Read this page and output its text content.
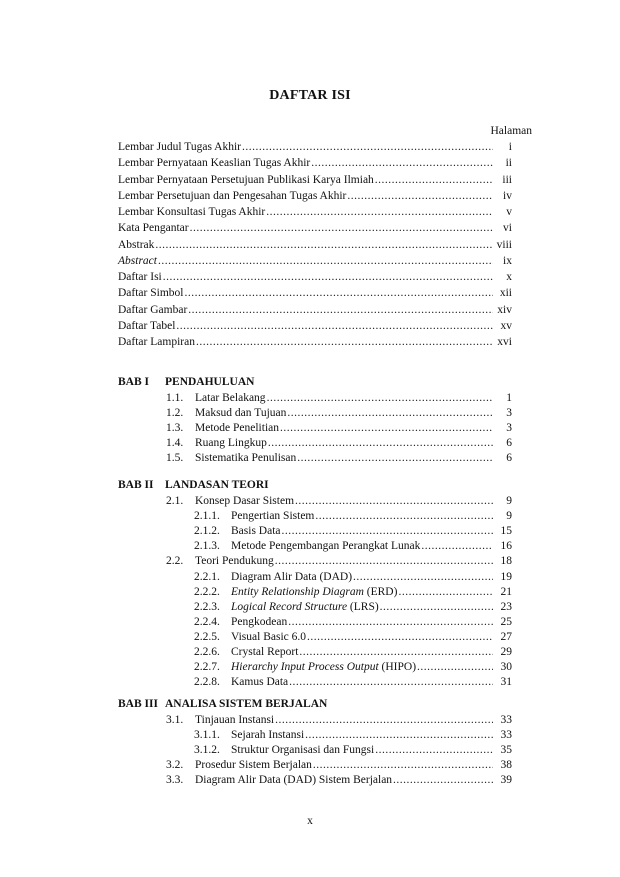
DAFTAR ISI
Halaman
Lembar Judul Tugas Akhir .....	i
Lembar Pernyataan Keaslian Tugas Akhir .....	ii
Lembar Pernyataan Persetujuan Publikasi Karya Ilmiah .....	iii
Lembar Persetujuan dan Pengesahan Tugas Akhir .....	iv
Lembar Konsultasi Tugas Akhir .....	v
Kata Pengantar .....	vi
Abstrak .....	viii
Abstract .....	ix
Daftar Isi .....	x
Daftar Simbol .....	xii
Daftar Gambar .....	xiv
Daftar Tabel .....	xv
Daftar Lampiran .....	xvi
BAB I PENDAHULUAN
1.1.	Latar Belakang .....	1
1.2.	Maksud dan Tujuan .....	3
1.3.	Metode Penelitian .....	3
1.4.	Ruang Lingkup .....	6
1.5.	Sistematika Penulisan .....	6
BAB II LANDASAN TEORI
2.1.	Konsep Dasar Sistem .....	9
2.1.1. Pengertian Sistem .....	9
2.1.2. Basis Data .....	15
2.1.3. Metode Pengembangan Perangkat Lunak .....	16
2.2.	Teori Pendukung .....	18
2.2.1. Diagram Alir Data (DAD) .....	19
2.2.2. Entity Relationship Diagram (ERD) .....	21
2.2.3. Logical Record Structure (LRS) .....	23
2.2.4. Pengkodean .....	25
2.2.5. Visual Basic 6.0 .....	27
2.2.6. Crystal Report .....	29
2.2.7. Hierarchy Input Process Output (HIPO) .....	30
2.2.8. Kamus Data .....	31
BAB III ANALISA SISTEM BERJALAN
3.1.	Tinjauan Instansi .....	33
3.1.1. Sejarah Instansi .....	33
3.1.2. Struktur Organisasi dan Fungsi .....	35
3.2.	Prosedur Sistem Berjalan .....	38
3.3.	Diagram Alir Data (DAD) Sistem Berjalan .....	39
x
